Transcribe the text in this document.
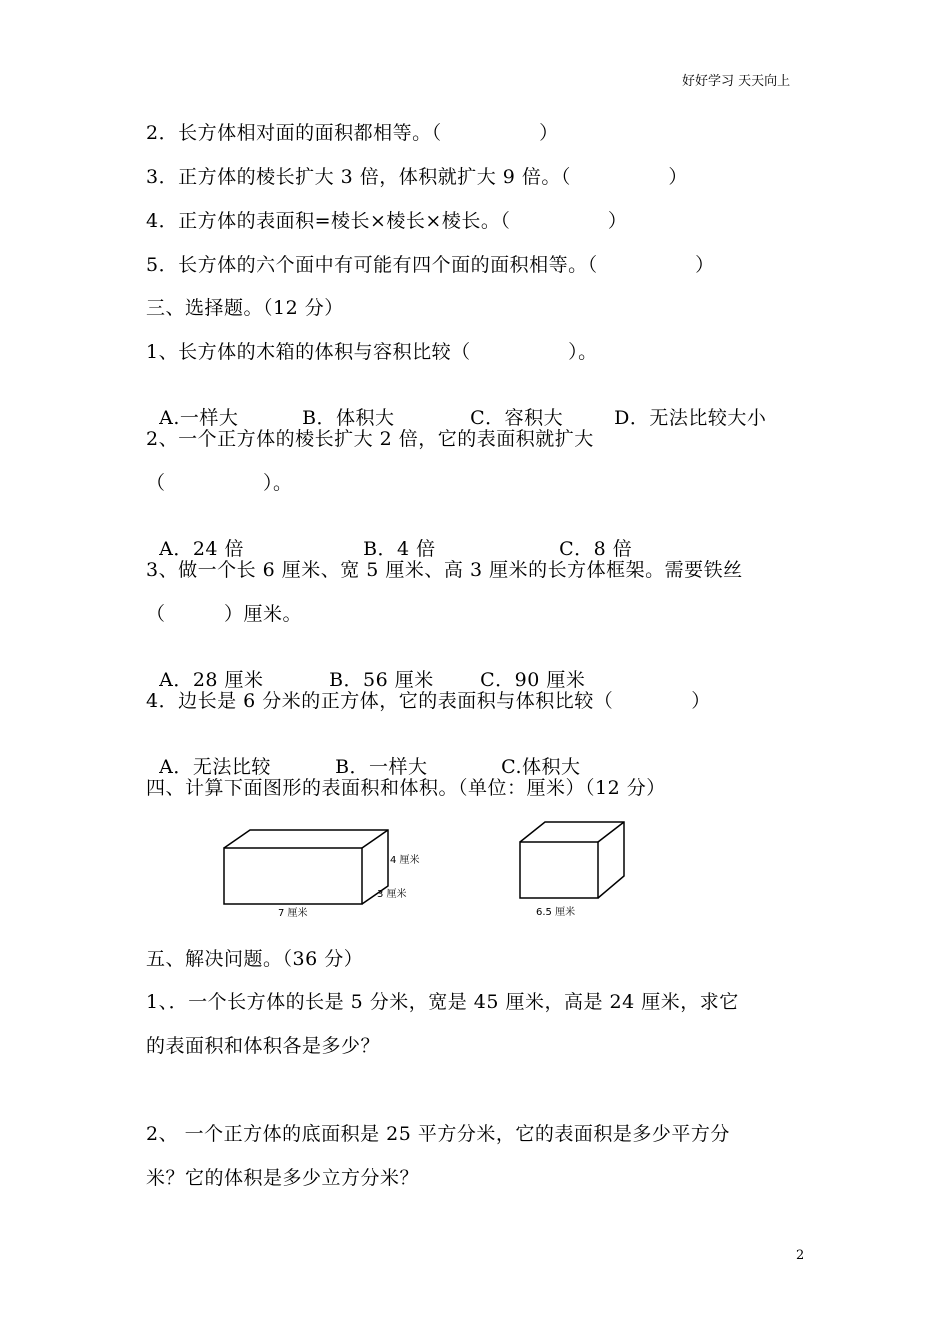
好好学习 天天向上
2．长方体相对面的面积都相等。（　　　　　）
3．正方体的棱长扩大 3 倍，体积就扩大 9 倍。（　　　　　）
4．正方体的表面积=棱长×棱长×棱长。（　　　　　）
5．长方体的六个面中有可能有四个面的面积相等。（　　　　　）
三、选择题。（12 分）
1、长方体的木箱的体积与容积比较（　　　　　）。

A.一样大	B．体积大	C．容积大	D．无法比较大小

2、一个正方体的棱长扩大 2 倍，它的表面积就扩大
（　　　　　）。

A．24 倍	B．4 倍	C．8 倍

3、做一个长 6 厘米、宽 5 厘米、高 3 厘米的长方体框架。需要铁丝
（　　　）厘米。

A．28 厘米	B．56 厘米 C．90 厘米

4．边长是 6 分米的正方体，它的表面积与体积比较（　　　　）

A．无法比较	B．一样大	C.体积大

四、计算下面图形的表面积和体积。（单位：厘米）（12 分）
4 厘米
3 厘米
7 厘米	6.5 厘米
五、解决问题。（36 分）
1、．一个长方体的长是 5 分米，宽是 45 厘米，高是 24 厘米，求它
的表面积和体积各是多少？
2、 一个正方体的底面积是 25 平方分米，它的表面积是多少平方分
米？它的体积是多少立方分米？
2
